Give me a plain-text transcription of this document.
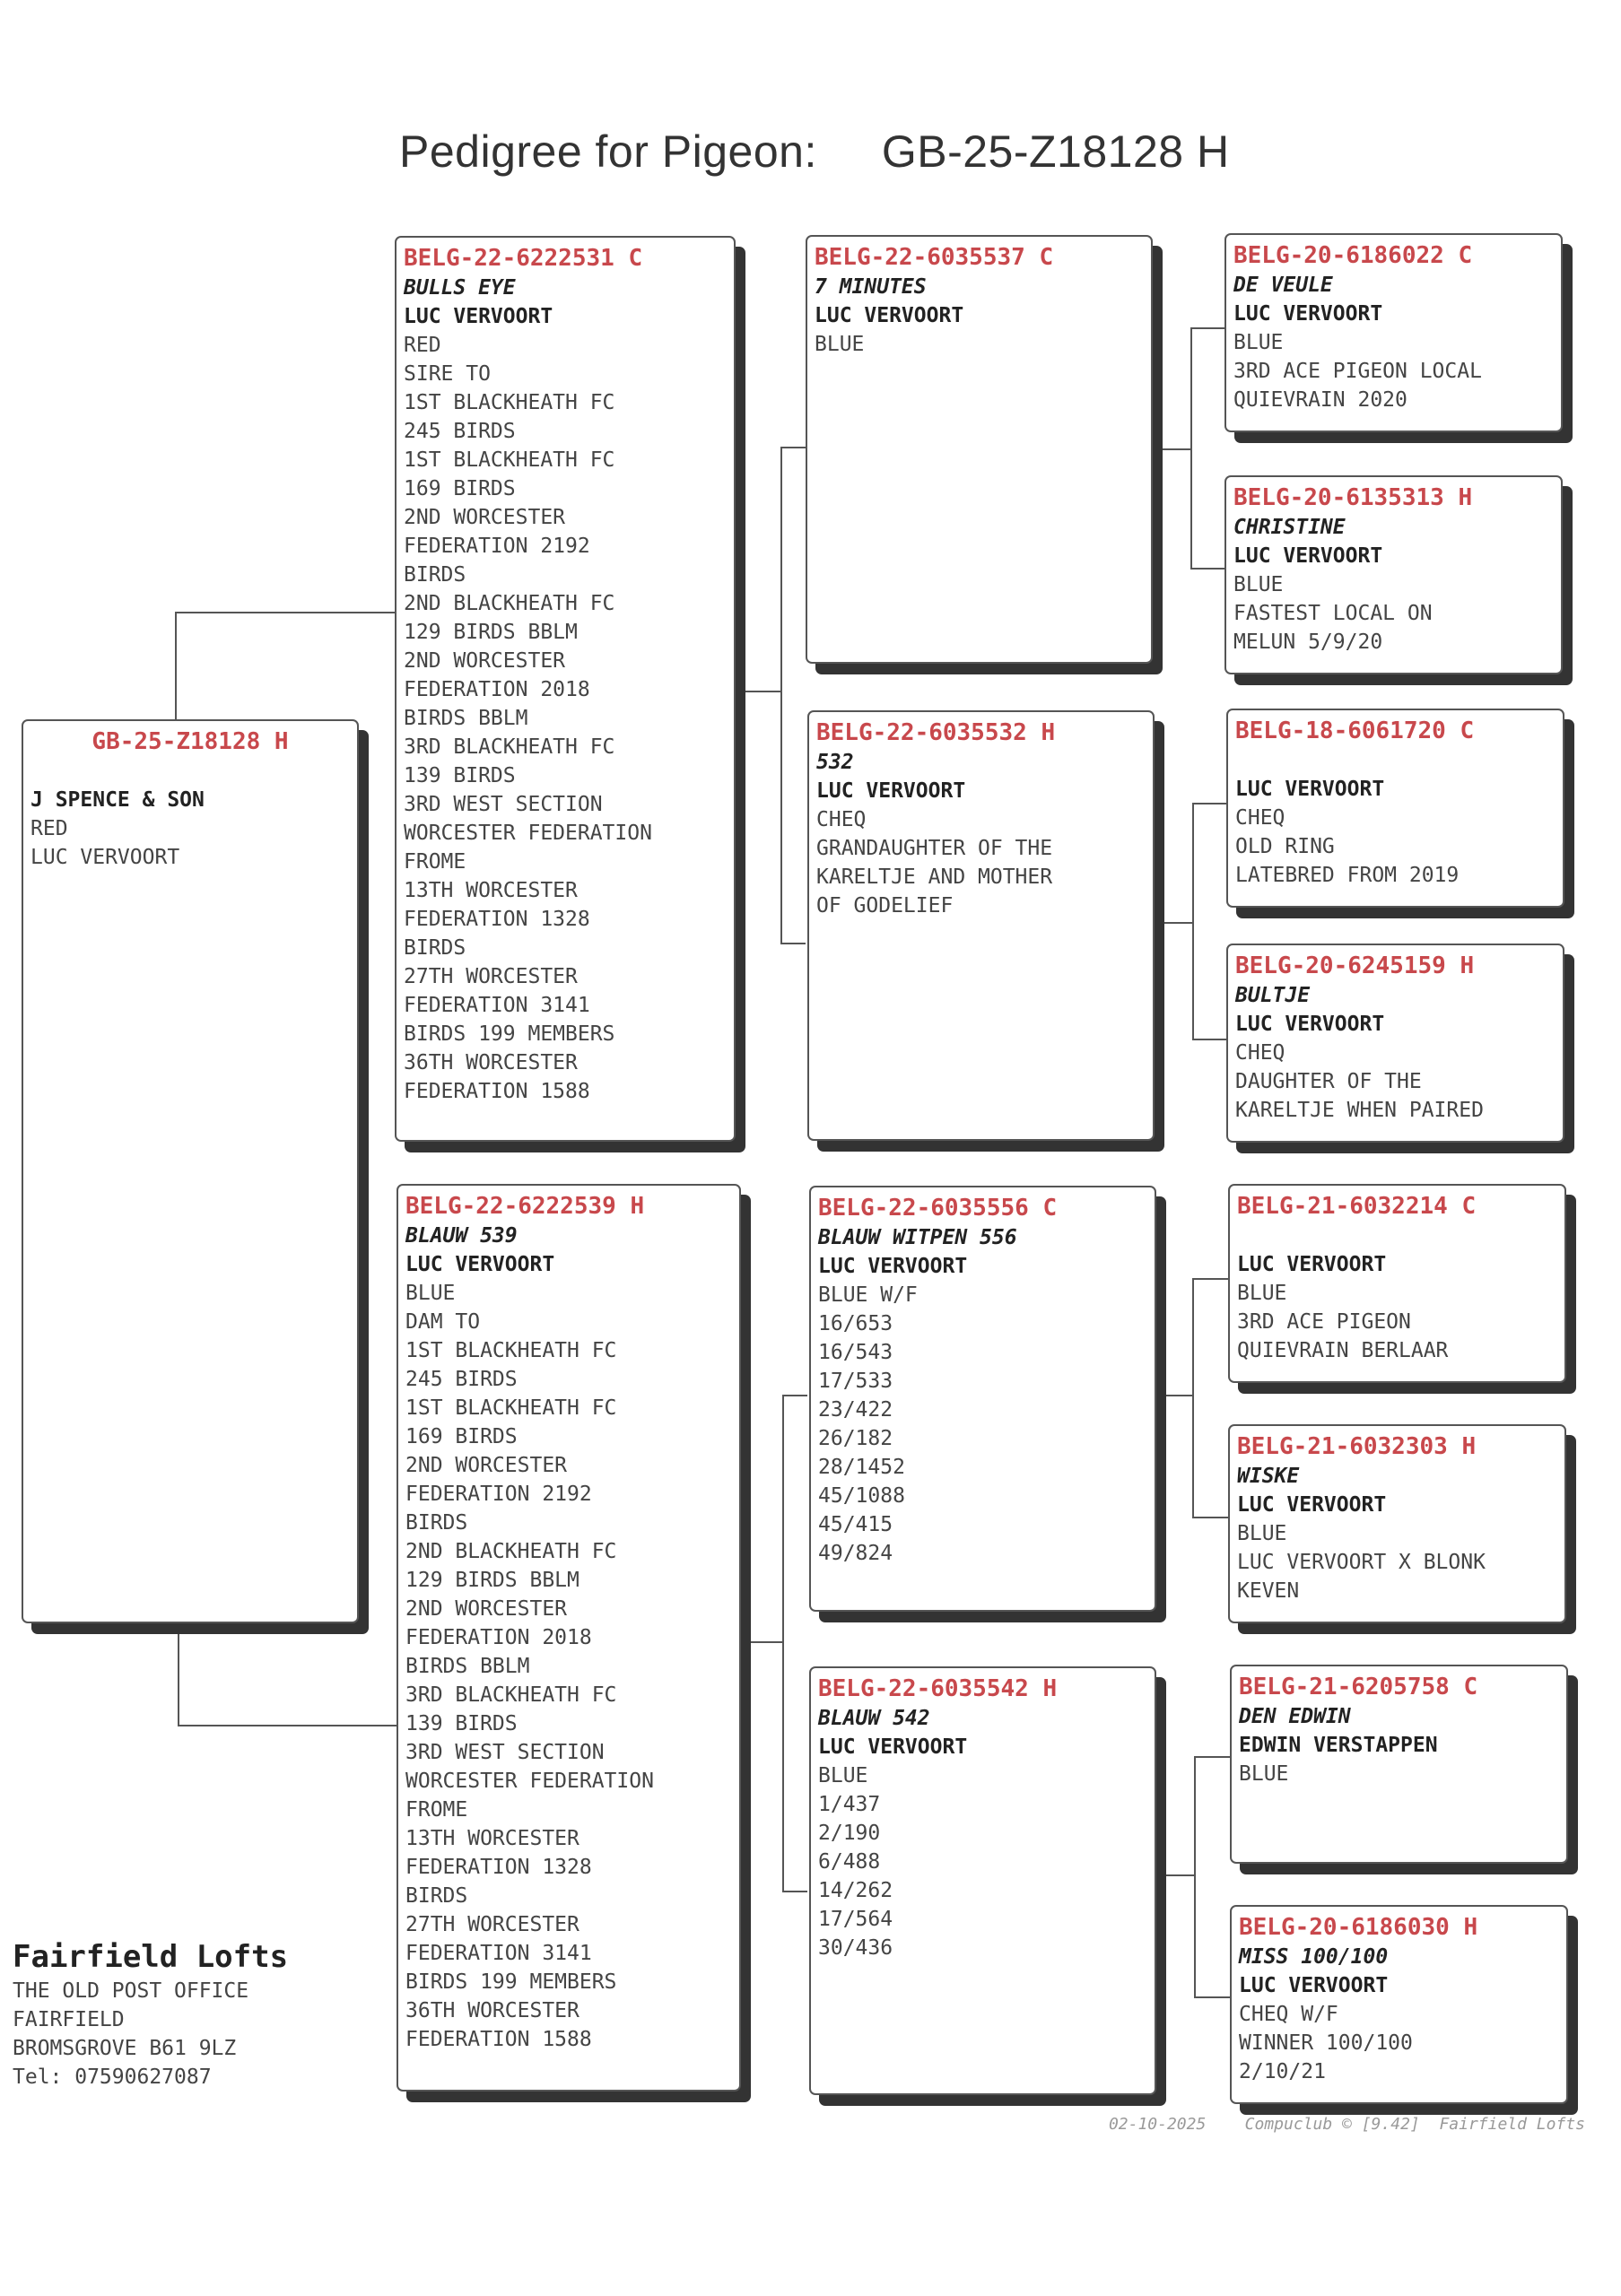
Pedigree for Pigeon: GB-25-Z18128 H
GB-25-Z18128 H
J SPENCE & SON
RED
LUC VERVOORT
BELG-22-6222531 C
BULLS EYE
LUC VERVOORT
RED
SIRE TO
1ST BLACKHEATH FC
245 BIRDS
1ST BLACKHEATH FC
169 BIRDS
2ND WORCESTER
FEDERATION 2192
BIRDS
2ND BLACKHEATH FC
129 BIRDS BBLM
2ND WORCESTER
FEDERATION 2018
BIRDS BBLM
3RD BLACKHEATH FC
139 BIRDS
3RD WEST SECTION
WORCESTER FEDERATION
FROME
13TH WORCESTER
FEDERATION 1328
BIRDS
27TH WORCESTER
FEDERATION 3141
BIRDS 199 MEMBERS
36TH WORCESTER
FEDERATION 1588
BELG-22-6222539 H
BLAUW 539
LUC VERVOORT
BLUE
DAM TO
1ST BLACKHEATH FC
245 BIRDS
1ST BLACKHEATH FC
169 BIRDS
2ND WORCESTER
FEDERATION 2192
BIRDS
2ND BLACKHEATH FC
129 BIRDS BBLM
2ND WORCESTER
FEDERATION 2018
BIRDS BBLM
3RD BLACKHEATH FC
139 BIRDS
3RD WEST SECTION
WORCESTER FEDERATION
FROME
13TH WORCESTER
FEDERATION 1328
BIRDS
27TH WORCESTER
FEDERATION 3141
BIRDS 199 MEMBERS
36TH WORCESTER
FEDERATION 1588
BELG-22-6035537 C
7 MINUTES
LUC VERVOORT
BLUE
BELG-22-6035532 H
532
LUC VERVOORT
CHEQ
GRANDAUGHTER OF THE
KARELTJE AND MOTHER
OF GODELIEF
BELG-22-6035556 C
BLAUW WITPEN 556
LUC VERVOORT
BLUE W/F
16/653
16/543
17/533
23/422
26/182
28/1452
45/1088
45/415
49/824
BELG-22-6035542 H
BLAUW 542
LUC VERVOORT
BLUE
1/437
2/190
6/488
14/262
17/564
30/436
BELG-20-6186022 C
DE VEULE
LUC VERVOORT
BLUE
3RD ACE PIGEON LOCAL
QUIEVRAIN 2020
BELG-20-6135313 H
CHRISTINE
LUC VERVOORT
BLUE
FASTEST LOCAL ON
MELUN 5/9/20
BELG-18-6061720 C
LUC VERVOORT
CHEQ
OLD RING
LATEBRED FROM 2019
BELG-20-6245159 H
BULTJE
LUC VERVOORT
CHEQ
DAUGHTER OF THE
KARELTJE WHEN PAIRED
BELG-21-6032214 C
LUC VERVOORT
BLUE
3RD ACE PIGEON
QUIEVRAIN BERLAAR
BELG-21-6032303 H
WISKE
LUC VERVOORT
BLUE
LUC VERVOORT X BLONK
KEVEN
BELG-21-6205758 C
DEN EDWIN
EDWIN VERSTAPPEN
BLUE
BELG-20-6186030 H
MISS 100/100
LUC VERVOORT
CHEQ W/F
WINNER 100/100
2/10/21
Fairfield Lofts
THE OLD POST OFFICE
FAIRFIELD
BROMSGROVE B61 9LZ
Tel: 07590627087
02-10-2025 Compuclub © [9.42] Fairfield Lofts
